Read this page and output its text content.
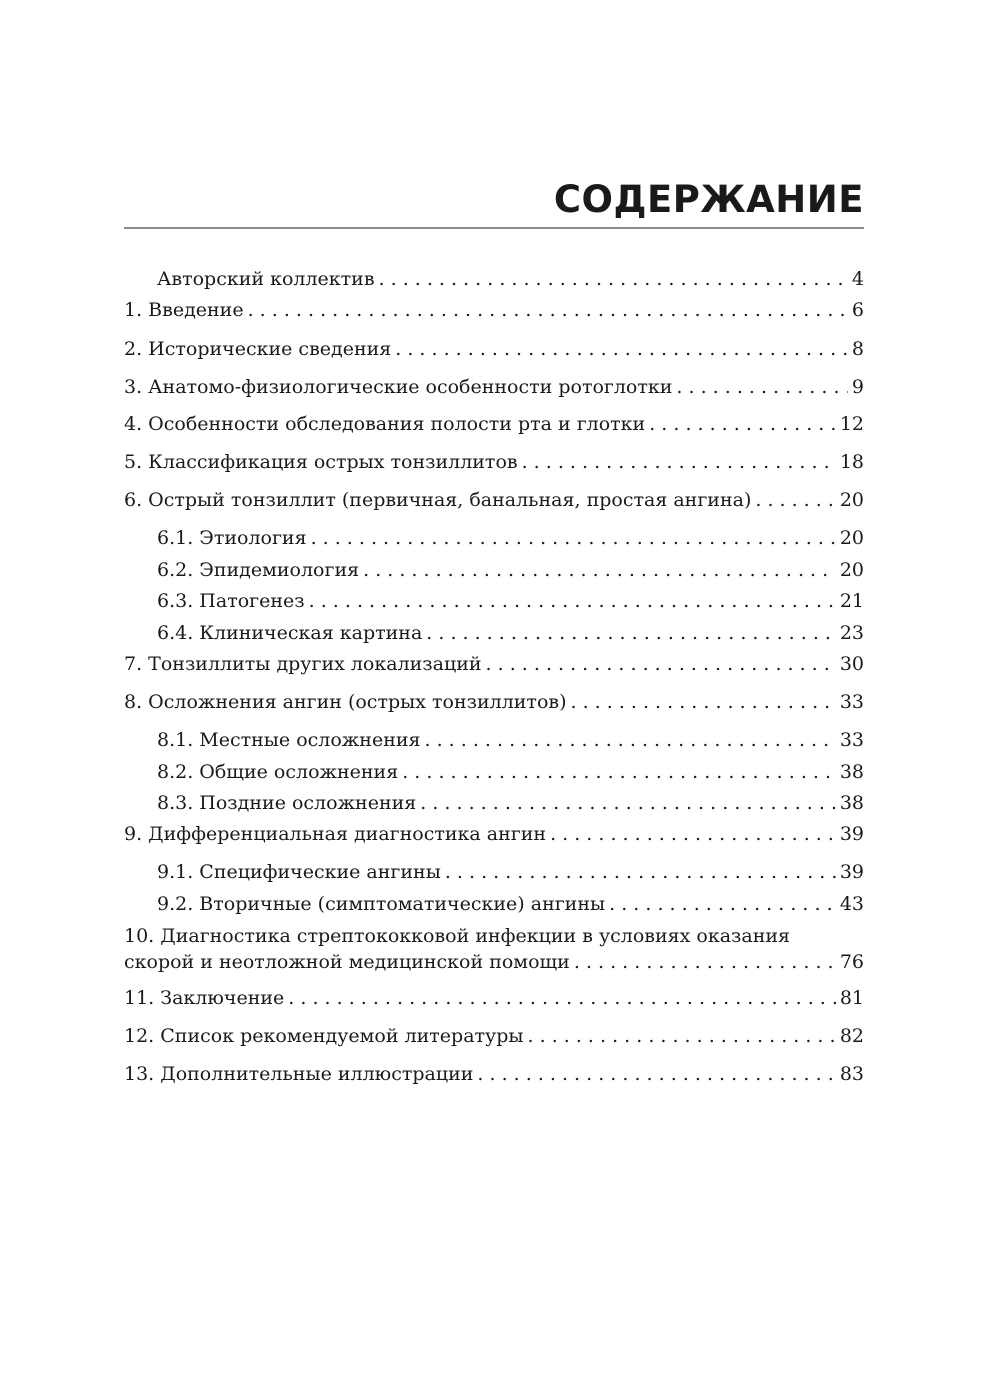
СОДЕРЖАНИЕ
Авторский коллектив . . .	4
1. Введение . . .	6
2. Исторические сведения . . .	8
3. Анатомо-физиологические особенности ротоглотки . . .	9
4. Особенности обследования полости рта и глотки . . .	12
5. Классификация острых тонзиллитов . . .	18
6. Острый тонзиллит (первичная, банальная, простая ангина) . . .	20
6.1. Этиология . . .	20
6.2. Эпидемиология . . .	20
6.3. Патогенез . . .	21
6.4. Клиническая картина . . .	23
7. Тонзиллиты других локализаций . . .	30
8. Осложнения ангин (острых тонзиллитов) . . .	33
8.1. Местные осложнения . . .	33
8.2. Общие осложнения . . .	38
8.3. Поздние осложнения . . .	38
9. Дифференциальная диагностика ангин . . .	39
9.1. Специфические ангины . . .	39
9.2. Вторичные (симптоматические) ангины . . .	43
10. Диагностика стрептококковой инфекции в условиях оказания
скорой и неотложной медицинской помощи . . .	76
11. Заключение . . .	81
12. Список рекомендуемой литературы . . .	82
13. Дополнительные иллюстрации . . .	83
